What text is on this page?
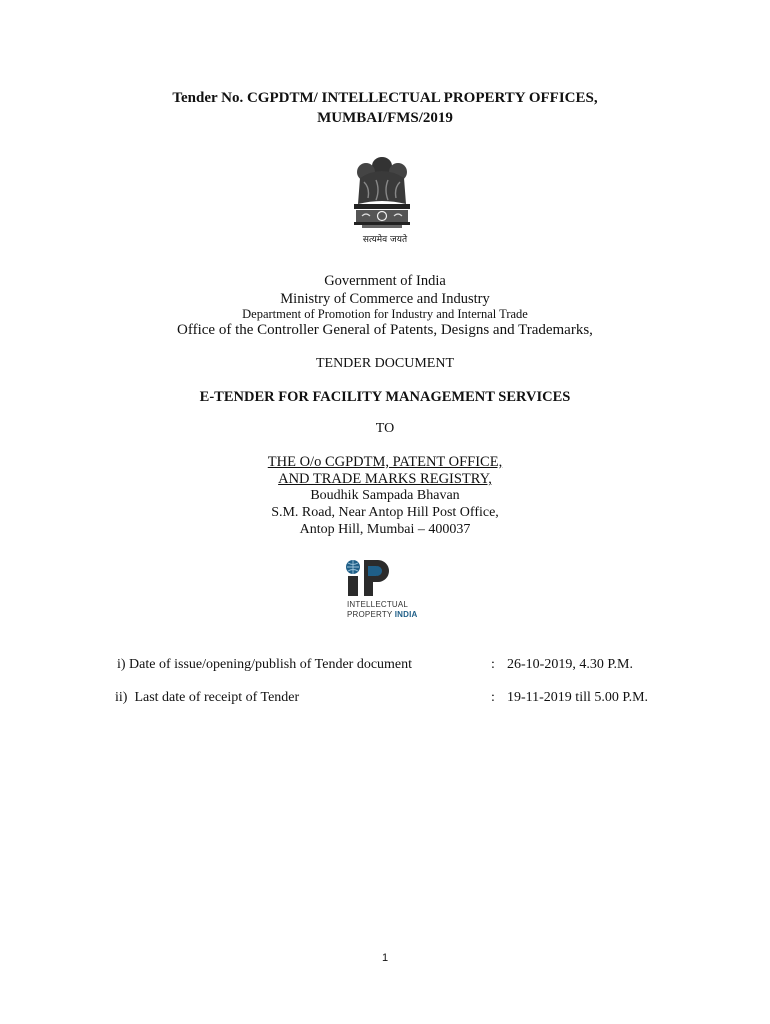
Tender No. CGPDTM/ INTELLECTUAL PROPERTY OFFICES,
MUMBAI/FMS/2019
सत्यमेव जयते
Government of India
Ministry of Commerce and Industry
Department of Promotion for Industry and Internal Trade
Office of the Controller General of Patents, Designs and Trademarks,
TENDER DOCUMENT
E-TENDER FOR FACILITY MANAGEMENT SERVICES
TO
THE O/o CGPDTM, PATENT OFFICE,
AND TRADE MARKS REGISTRY,
Boudhik Sampada Bhavan
S.M. Road, Near Antop Hill Post Office,
Antop Hill, Mumbai – 400037
INTELLECTUAL
PROPERTY INDIA
i) Date of issue/opening/publish of Tender document	: 26-10-2019, 4.30 P.M.
ii)  Last date of receipt of Tender	: 19-11-2019 till 5.00 P.M.
1
